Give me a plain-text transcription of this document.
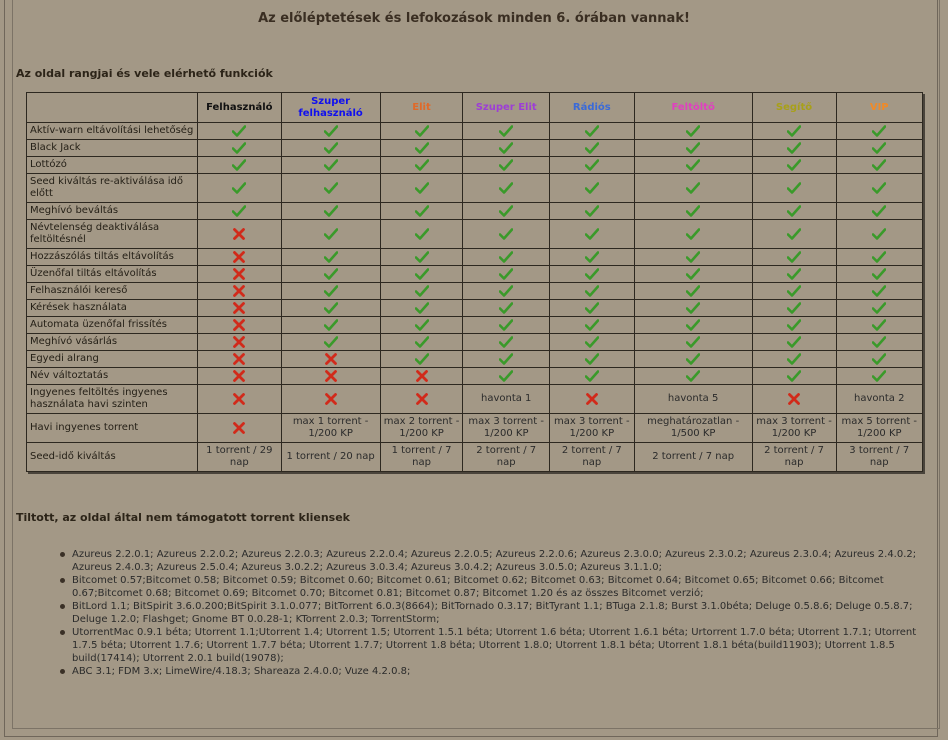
Az előléptetések és lefokozások minden 6. órában vannak!
Az oldal rangjai és vele elérhető funkciók
	Felhasználó	Szuper felhasználó	Elit	Szuper Elit	Rádiós	Feltöltő	Segítő	VIP
Aktív-warn eltávolítási lehetőség								
Black Jack								
Lottózó								
Seed kiváltás re-aktiválása idő előtt								
Meghívó beváltás								
Névtelenség deaktiválása feltöltésnél								
Hozzászólás tiltás eltávolítás								
Üzenőfal tiltás eltávolítás								
Felhasználói kereső								
Kérések használata								
Automata üzenőfal frissítés								
Meghívó vásárlás								
Egyedi alrang								
Név változtatás								
Ingyenes feltöltés ingyenes használata havi szinten				havonta 1		havonta 5		havonta 2
Havi ingyenes torrent		max 1 torrent - 1/200 KP	max 2 torrent - 1/200 KP	max 3 torrent - 1/200 KP	max 3 torrent - 1/200 KP	meghatározatlan - 1/500 KP	max 3 torrent - 1/200 KP	max 5 torrent - 1/200 KP
Seed-idő kiváltás	1 torrent / 29 nap	1 torrent / 20 nap	1 torrent / 7 nap	2 torrent / 7 nap	2 torrent / 7 nap	2 torrent / 7 nap	2 torrent / 7 nap	3 torrent / 7 nap
Tiltott, az oldal által nem támogatott torrent kliensek
Azureus 2.2.0.1; Azureus 2.2.0.2; Azureus 2.2.0.3; Azureus 2.2.0.4; Azureus 2.2.0.5; Azureus 2.2.0.6; Azureus 2.3.0.0; Azureus 2.3.0.2; Azureus 2.3.0.4; Azureus 2.4.0.2; Azureus 2.4.0.3; Azureus 2.5.0.4; Azureus 3.0.2.2; Azureus 3.0.3.4; Azureus 3.0.4.2; Azureus 3.0.5.0; Azureus 3.1.1.0;
Bitcomet 0.57;Bitcomet 0.58; Bitcomet 0.59; Bitcomet 0.60; Bitcomet 0.61; Bitcomet 0.62; Bitcomet 0.63; Bitcomet 0.64; Bitcomet 0.65; Bitcomet 0.66; Bitcomet 0.67;Bitcomet 0.68; Bitcomet 0.69; Bitcomet 0.70; Bitcomet 0.81; Bitcomet 0.87; Bitcomet 1.20 és az összes Bitcomet verzió;
BitLord 1.1; BitSpirit 3.6.0.200;BitSpirit 3.1.0.077; BitTorrent 6.0.3(8664); BitTornado 0.3.17; BitTyrant 1.1; BTuga 2.1.8; Burst 3.1.0béta; Deluge 0.5.8.6; Deluge 0.5.8.7; Deluge 1.2.0; Flashget; Gnome BT 0.0.28-1; KTorrent 2.0.3; TorrentStorm;
UtorrentMac 0.9.1 béta; Utorrent 1.1;Utorrent 1.4; Utorrent 1.5; Utorrent 1.5.1 béta; Utorrent 1.6 béta; Utorrent 1.6.1 béta; Urtorrent 1.7.0 béta; Utorrent 1.7.1; Utorrent 1.7.5 béta; Utorrent 1.7.6; Utorrent 1.7.7 béta; Utorrent 1.7.7; Utorrent 1.8 béta; Utorrent 1.8.0; Utorrent 1.8.1 béta; Utorrent 1.8.1 béta(build11903); Utorrent 1.8.5 build(17414); Utorrent 2.0.1 build(19078);
ABC 3.1; FDM 3.x; LimeWire/4.18.3; Shareaza 2.4.0.0; Vuze 4.2.0.8;
